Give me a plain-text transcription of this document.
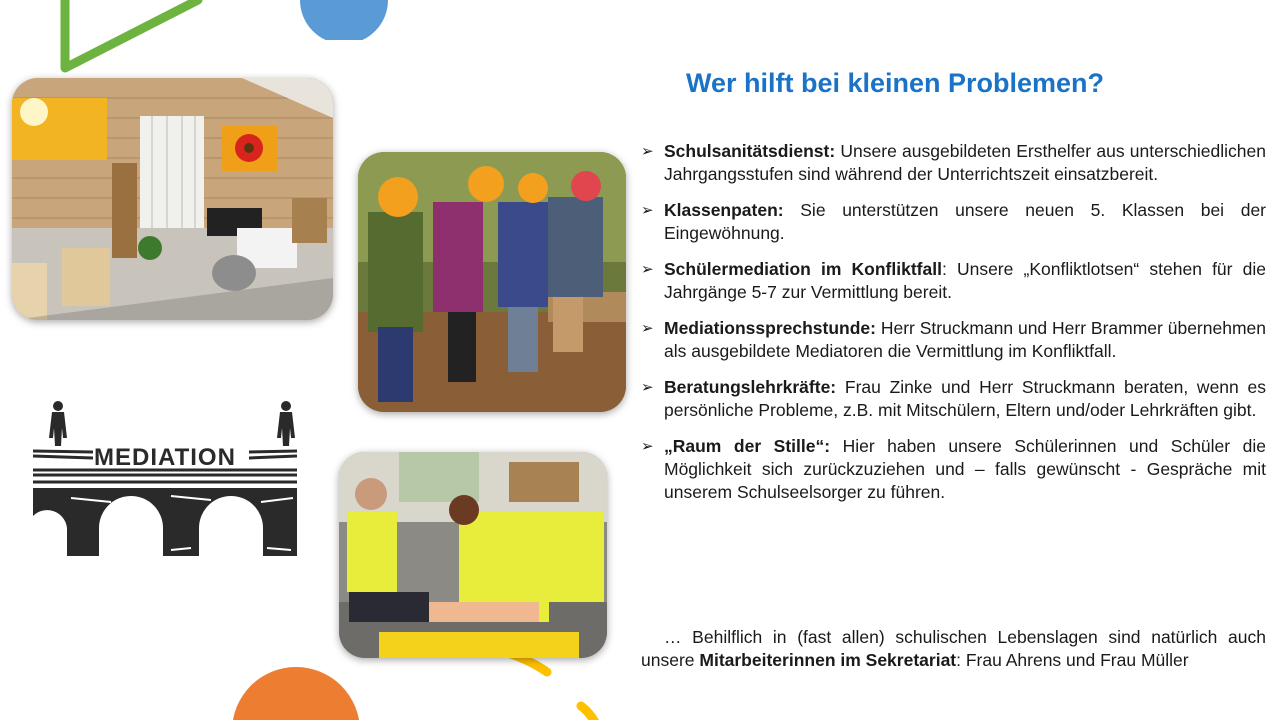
MEDIATION
Wer hilft bei kleinen Problemen?
➢ Schulsanitätsdienst: Unsere ausgebildeten Ersthelfer aus unterschiedlichen Jahrgangsstufen sind während der Unterrichtszeit einsatzbereit.
➢ Klassenpaten: Sie unterstützen unsere neuen 5. Klassen bei der Eingewöhnung.
➢ Schülermediation im Konfliktfall: Unsere „Konfliktlotsen“ stehen für die Jahrgänge 5-7 zur Vermittlung bereit.
➢ Mediationssprechstunde: Herr Struckmann und Herr Brammer übernehmen als ausgebildete Mediatoren die Vermittlung im Konfliktfall.
➢ Beratungslehrkräfte: Frau Zinke und Herr Struckmann beraten, wenn es persönliche Probleme, z.B. mit Mitschülern, Eltern und/oder Lehrkräften gibt.
➢ „Raum der Stille“: Hier haben unsere Schülerinnen und Schüler die Möglichkeit sich zurückzuziehen und – falls gewünscht - Gespräche mit unserem Schulseelsorger zu führen.
… Behilflich in (fast allen) schulischen Lebenslagen sind natürlich auch unsere Mitarbeiterinnen im Sekretariat: Frau Ahrens und Frau Müller
